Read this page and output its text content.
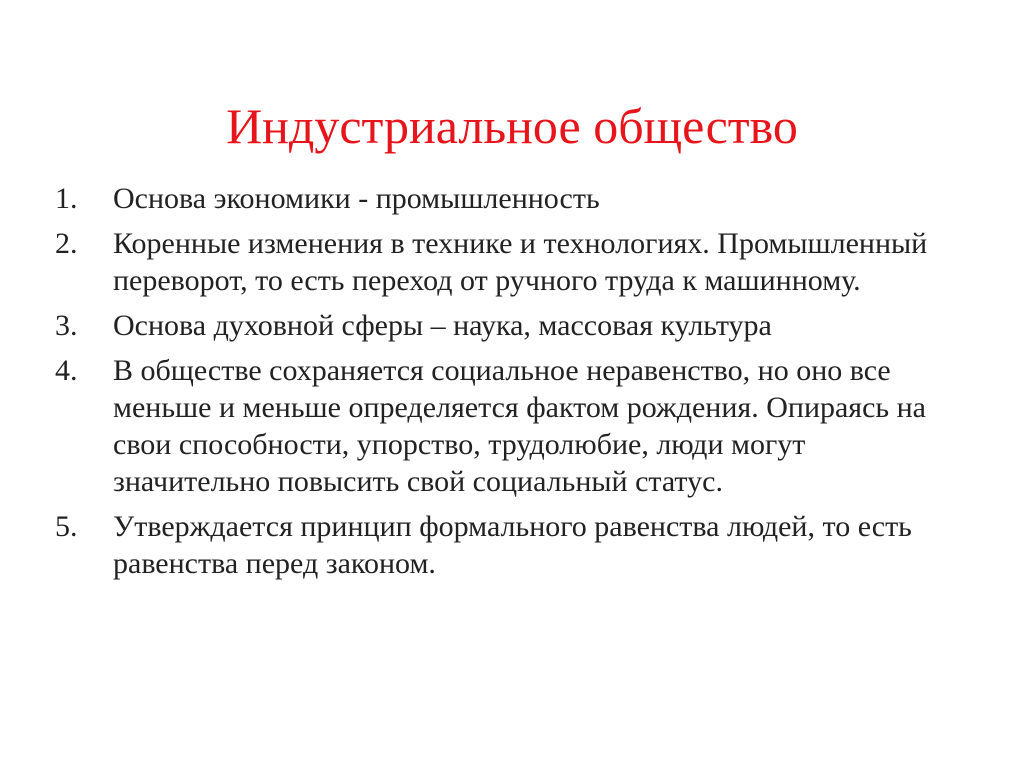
Индустриальное общество
1.	Основа экономики - промышленность
2.	Коренные изменения в технике и технологиях. Промышленный переворот, то есть переход от ручного труда к машинному.
3.	Основа духовной сферы – наука, массовая культура
4.	В обществе сохраняется социальное неравенство, но оно все меньше и меньше определяется фактом рождения. Опираясь на свои способности, упорство, трудолюбие, люди могут значительно повысить свой социальный статус.
5.	Утверждается принцип формального равенства людей, то есть равенства перед законом.
